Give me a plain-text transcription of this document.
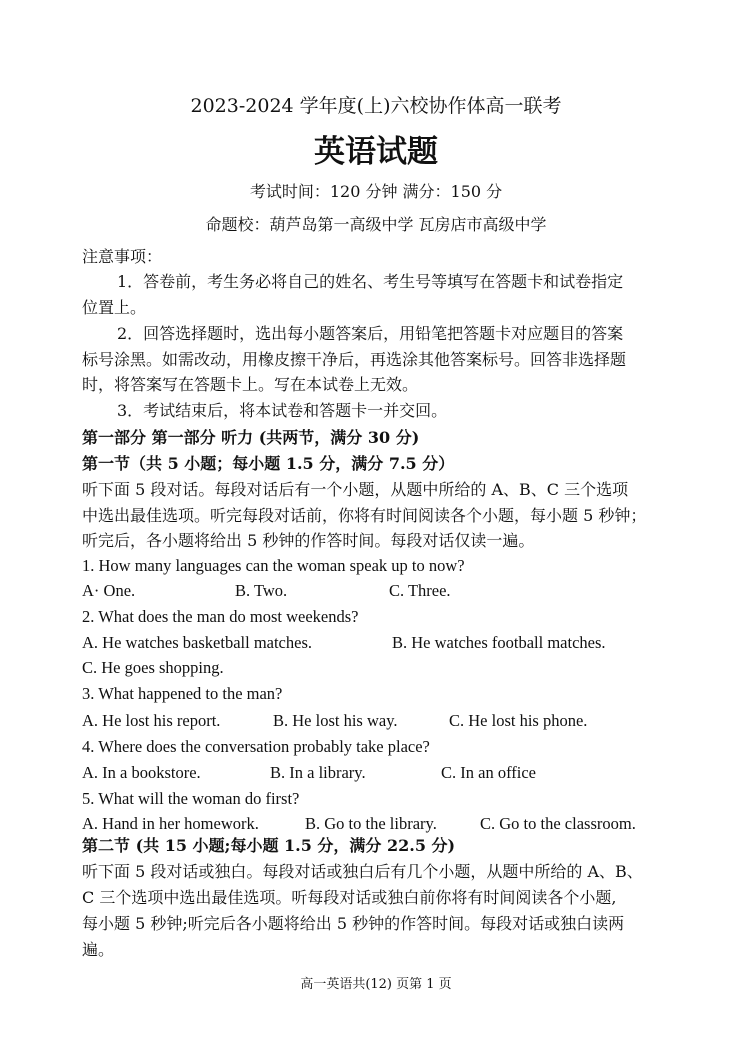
2023-2024 学年度(上)六校协作体高一联考
英语试题
考试时间：120 分钟 满分：150 分
命题校：葫芦岛第一高级中学 瓦房店市高级中学
注意事项：
1．答卷前，考生务必将自己的姓名、考生号等填写在答题卡和试卷指定
位置上。
2．回答选择题时，选出每小题答案后，用铅笔把答题卡对应题目的答案
标号涂黑。如需改动，用橡皮擦干净后，再选涂其他答案标号。回答非选择题
时，将答案写在答题卡上。写在本试卷上无效。
3．考试结束后，将本试卷和答题卡一并交回。
第一部分 第一部分 听力 (共两节，满分 30 分)
第一节（共 5 小题；每小题 1.5 分，满分 7.5 分）
听下面 5 段对话。每段对话后有一个小题，从题中所给的 A、B、C 三个选项
中选出最佳选项。听完每段对话前，你将有时间阅读各个小题，每小题 5 秒钟；
听完后，各小题将给出 5 秒钟的作答时间。每段对话仅读一遍。
1. How many languages can the woman speak up to now?
A· One.	B. Two.	C. Three.
2. What does the man do most weekends?
A. He watches basketball matches.	B. He watches football matches.
C. He goes shopping.
3. What happened to the man?
A. He lost his report.	B. He lost his way.	C. He lost his phone.
4. Where does the conversation probably take place?
A. In a bookstore.	B. In a library.	C. In an office
5. What will the woman do first?
A. Hand in her homework.	B. Go to the library.	C. Go to the classroom.
第二节 (共 15 小题;每小题 1.5 分，满分 22.5 分)
听下面 5 段对话或独白。每段对话或独白后有几个小题，从题中所给的 A、B、
C 三个选项中选出最佳选项。听每段对话或独白前你将有时间阅读各个小题,
每小题 5 秒钟;听完后各小题将给出 5 秒钟的作答时间。每段对话或独白读两
遍。
高一英语共(12) 页第 1 页
